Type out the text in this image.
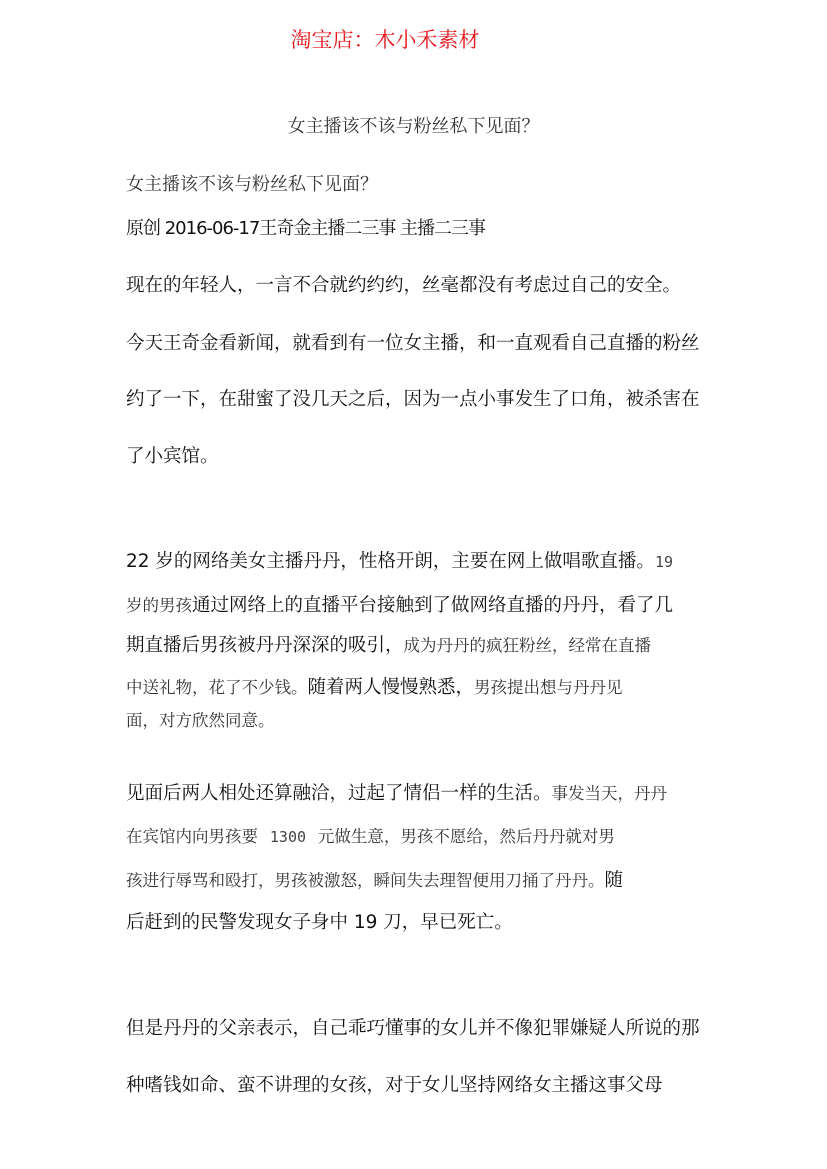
淘宝店：木小禾素材
女主播该不该与粉丝私下见面？
女主播该不该与粉丝私下见面？
原创 2016-06-17王奇金主播二三事 主播二三事
现在的年轻人，一言不合就约约约，丝毫都没有考虑过自己的安全。
今天王奇金看新闻，就看到有一位女主播，和一直观看自己直播的粉丝
约了一下，在甜蜜了没几天之后，因为一点小事发生了口角，被杀害在
了小宾馆。
22 岁的网络美女主播丹丹，性格开朗，主要在网上做唱歌直播。19
岁的男孩通过网络上的直播平台接触到了做网络直播的丹丹，看了几
期直播后男孩被丹丹深深的吸引，成为丹丹的疯狂粉丝，经常在直播
中送礼物，花了不少钱。随着两人慢慢熟悉，男孩提出想与丹丹见
面，对方欣然同意。
见面后两人相处还算融洽，过起了情侣一样的生活。事发当天，丹丹
在宾馆内向男孩要 1300 元做生意，男孩不愿给，然后丹丹就对男
孩进行辱骂和殴打，男孩被激怒，瞬间失去理智便用刀捅了丹丹。随
后赶到的民警发现女子身中 19 刀，早已死亡。
但是丹丹的父亲表示，自己乖巧懂事的女儿并不像犯罪嫌疑人所说的那
种嗜钱如命、蛮不讲理的女孩，对于女儿坚持网络女主播这事父母
